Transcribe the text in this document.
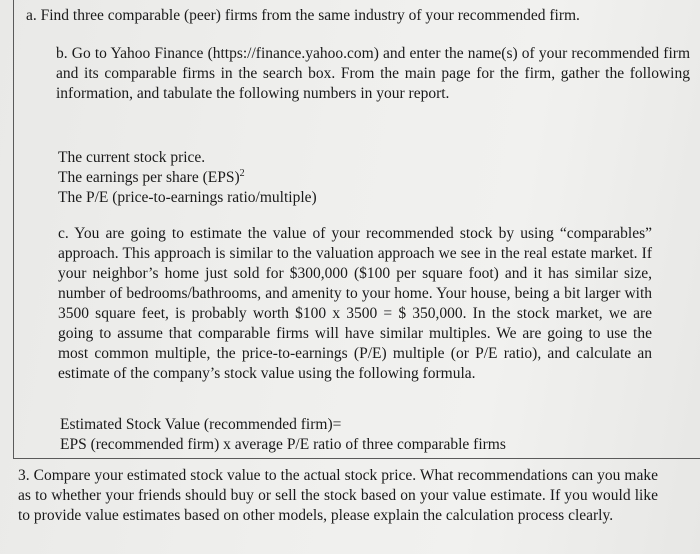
a. Find three comparable (peer) firms from the same industry of your recommended firm.
b. Go to Yahoo Finance (https://finance.yahoo.com) and enter the name(s) of your recommended firm and its comparable firms in the search box. From the main page for the firm, gather the following information, and tabulate the following numbers in your report.
The current stock price.
The earnings per share (EPS)$^2$
The P/E (price-to-earnings ratio/multiple)
c. You are going to estimate the value of your recommended stock by using “comparables” approach. This approach is similar to the valuation approach we see in the real estate market. If your neighbor’s home just sold for $300,000 ($100 per square foot) and it has similar size, number of bedrooms/bathrooms, and amenity to your home. Your house, being a bit larger with 3500 square feet, is probably worth $100 x 3500 = $ 350,000. In the stock market, we are going to assume that comparable firms will have similar multiples. We are going to use the most common multiple, the price-to-earnings (P/E) multiple (or P/E ratio), and calculate an estimate of the company’s stock value using the following formula.
Estimated Stock Value (recommended firm)=
EPS (recommended firm) x average P/E ratio of three comparable firms
3. Compare your estimated stock value to the actual stock price. What recommendations can you make as to whether your friends should buy or sell the stock based on your value estimate. If you would like to provide value estimates based on other models, please explain the calculation process clearly.
